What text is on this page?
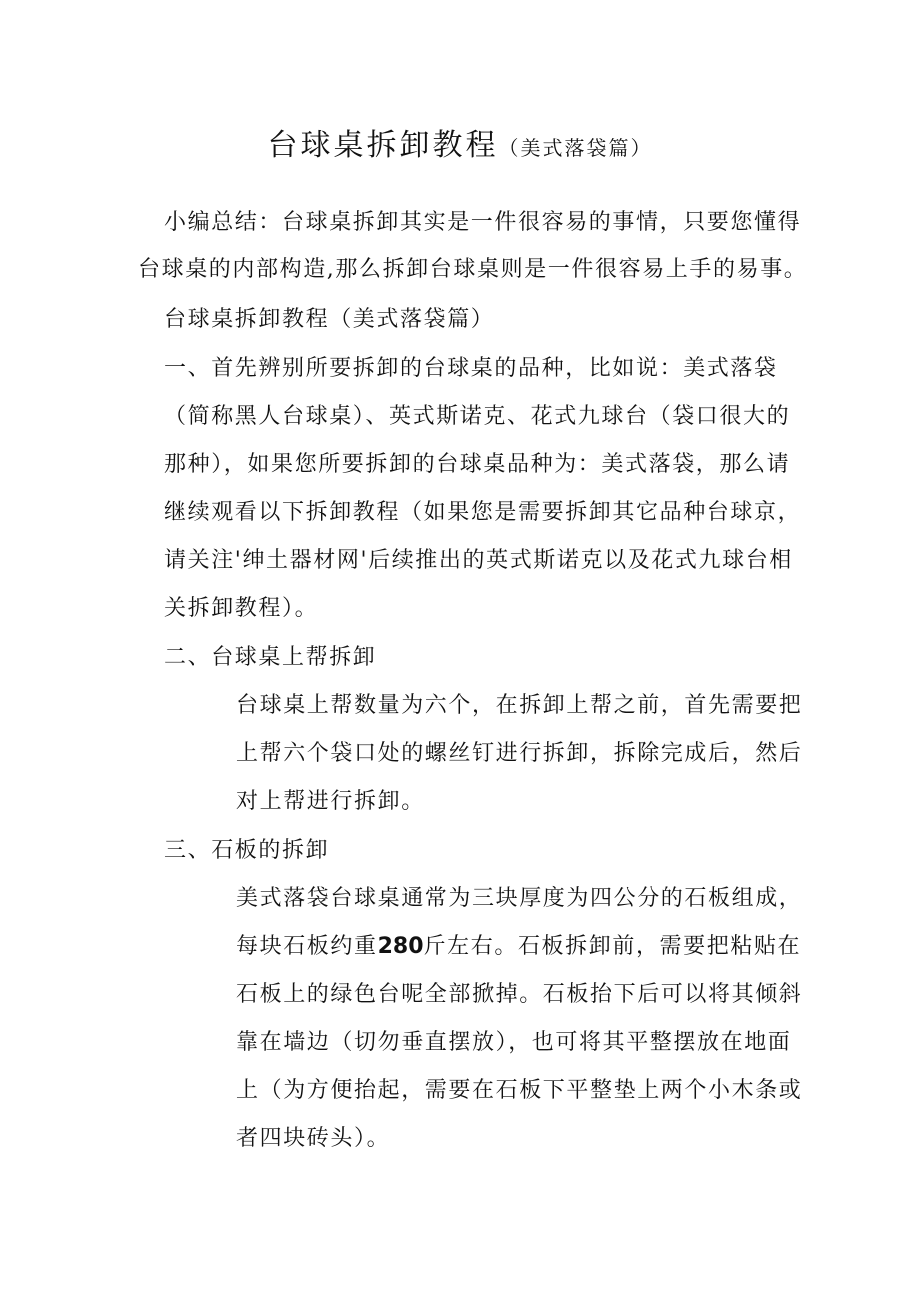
台球桌拆卸教程（美式落袋篇）
小编总结：台球桌拆卸其实是一件很容易的事情，只要您懂得
台球桌的内部构造,那么拆卸台球桌则是一件很容易上手的易事。
台球桌拆卸教程（美式落袋篇）
一、首先辨别所要拆卸的台球桌的品种，比如说：美式落袋
（简称黑人台球桌）、英式斯诺克、花式九球台（袋口很大的
那种），如果您所要拆卸的台球桌品种为：美式落袋，那么请
继续观看以下拆卸教程（如果您是需要拆卸其它品种台球京，
请关注'绅土器材网'后续推出的英式斯诺克以及花式九球台相
关拆卸教程）。
二、台球桌上帮拆卸
台球桌上帮数量为六个，在拆卸上帮之前，首先需要把
上帮六个袋口处的螺丝钉进行拆卸，拆除完成后，然后
对上帮进行拆卸。
三、石板的拆卸
美式落袋台球桌通常为三块厚度为四公分的石板组成，
每块石板约重280斤左右。石板拆卸前，需要把粘贴在
石板上的绿色台呢全部掀掉。石板抬下后可以将其倾斜
靠在墙边（切勿垂直摆放），也可将其平整摆放在地面
上（为方便抬起，需要在石板下平整垫上两个小木条或
者四块砖头）。
